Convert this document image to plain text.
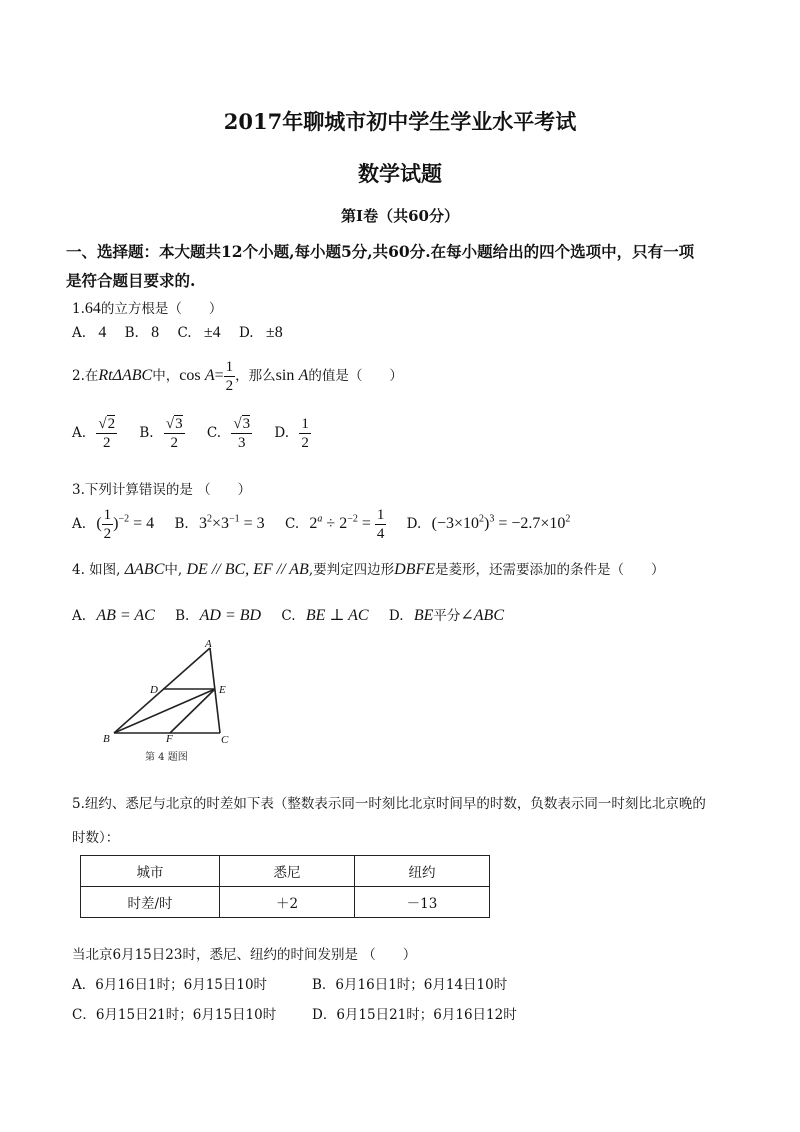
2017年聊城市初中学生学业水平考试
数学试题
第Ⅰ卷（共60分）
一、选择题：本大题共12个小题,每小题5分,共60分.在每小题给出的四个选项中，只有一项
是符合题目要求的.
1.64的立方根是（　　）
A. 4 B. 8 C. ±4 D. ±8
2.在RtΔABC中，$\cos A= \frac{1}{2}$ ，那么sin A的值是（　　）
A. $\frac{√2}{2} B$. $\frac{√3}{2} C$. $\frac{√3}{3} D$. $\frac{1}{2}$
3.下列计算错误的是 （　　）
A. ( $\frac{1}{2} )^{-2} = 4$ B. $3^2\times 3^{-1} = 3$ C. $2^a \div 2^{-2} = \frac{1}{4} D$. $(-3\times 10^2)^3 = -2.7\times 10^2$
4. 如图, ΔABC中, DE // BC, EF // AB,要判定四边形DBFE是菱形，还需要添加的条件是（　　）
A. AB = AC B. AD = BD C. BE ⊥ AC D. BE平分∠ABC
A
D	E
B	F	C
第 4 题图
5.纽约、悉尼与北京的时差如下表（整数表示同一时刻比北京时间早的时数，负数表示同一时刻比北京晚的
时数）：
城市	悉尼	纽约
时差/时	＋2	－13
当北京6月15日23时，悉尼、纽约的时间发别是 （　　）
A．6月16日1时；6月15日10时	B．6月16日1时；6月14日10时
C．6月15日21时；6月15日10时	D．6月15日21时；6月16日12时
